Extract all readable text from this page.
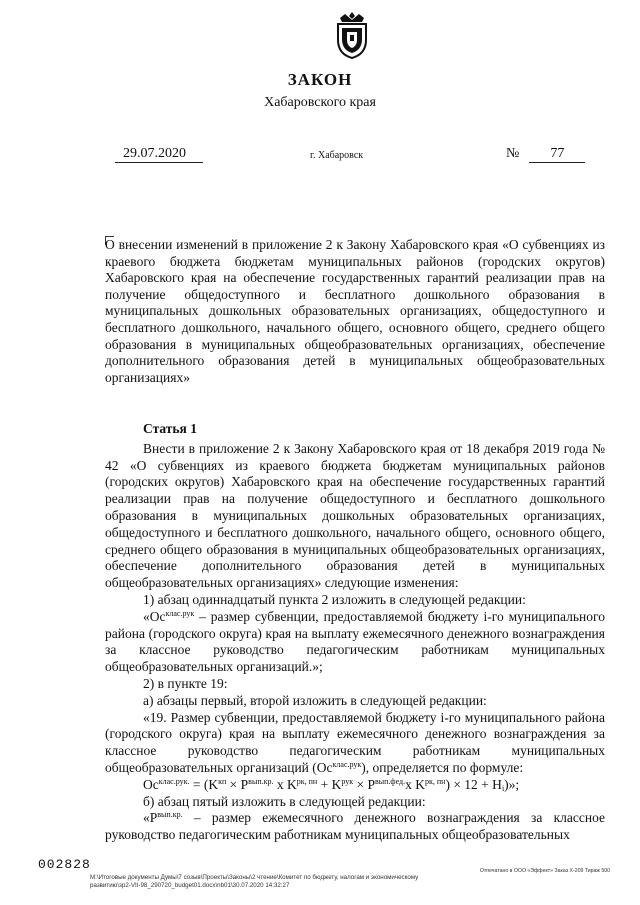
ЗАКОН
Хабаровского края
29.07.2020	г. Хабаровск	№ 77
О внесении изменений в приложение 2 к Закону Хабаровского края «О субвенциях из краевого бюджета бюджетам муниципальных районов (городских округов) Хабаровского края на обеспечение государственных гарантий реализации прав на получение общедоступного и бесплатного дошкольного образования в муниципальных дошкольных образовательных организациях, общедоступного и бесплатного дошкольного, начального общего, основного общего, среднего общего образования в муниципальных общеобразовательных организациях, обеспечение дополнительного образования детей в муниципальных общеобразовательных организациях»

Статья 1

Внести в приложение 2 к Закону Хабаровского края от 18 декабря 2019 года № 42 «О субвенциях из краевого бюджета бюджетам муниципальных районов (городских округов) Хабаровского края на обеспечение государственных гарантий реализации прав на получение общедоступного и бесплатного дошкольного образования в муниципальных дошкольных образовательных организациях, общедоступного и бесплатного дошкольного, начального общего, основного общего, среднего общего образования в муниципальных общеобразовательных организациях, обеспечение дополнительного образования детей в муниципальных общеобразовательных организациях» следующие изменения:

1) абзац одиннадцатый пункта 2 изложить в следующей редакции:

«$Ос^{клас.рук}$ – размер субвенции, предоставляемой бюджету i-го муниципального района (городского округа) края на выплату ежемесячного денежного вознаграждения за классное руководство педагогическим работникам муниципальных общеобразовательных организаций.»;

2) в пункте 19:

а) абзацы первый, второй изложить в следующей редакции:

«19. Размер субвенции, предоставляемой бюджету i-го муниципального района (городского округа) края на выплату ежемесячного денежного вознаграждения за классное руководство педагогическим работникам муниципальных общеобразовательных организаций $(Ос^{клас.рук})$, определяется по формуле:

$Ос^{клас.рук.} = (K^{кп} \times P^{вып.кр.}$ x $K^{рк, пн} + K^{рук} \times P^{вып.фед.}x$ $K^{рк, пн}) \times 12 + Н_i$)»;

б) абзац пятый изложить в следующей редакции:

«$P^{вып.кр.}$ – размер ежемесячного денежного вознаграждения за классное руководство педагогическим работникам муниципальных общеобразовательных

002828
M:\Итоговые документы Думы\7 созыв\Проекты\Законы\2 чтение\Комитет по бюджету, налогам и экономическому развитию\зр2-VII-98_290720_budget01.docx\nb01\30.07.2020 14:32:27
Отпечатано в ООО «Эффект» Заказ Х-209 Тираж 500
